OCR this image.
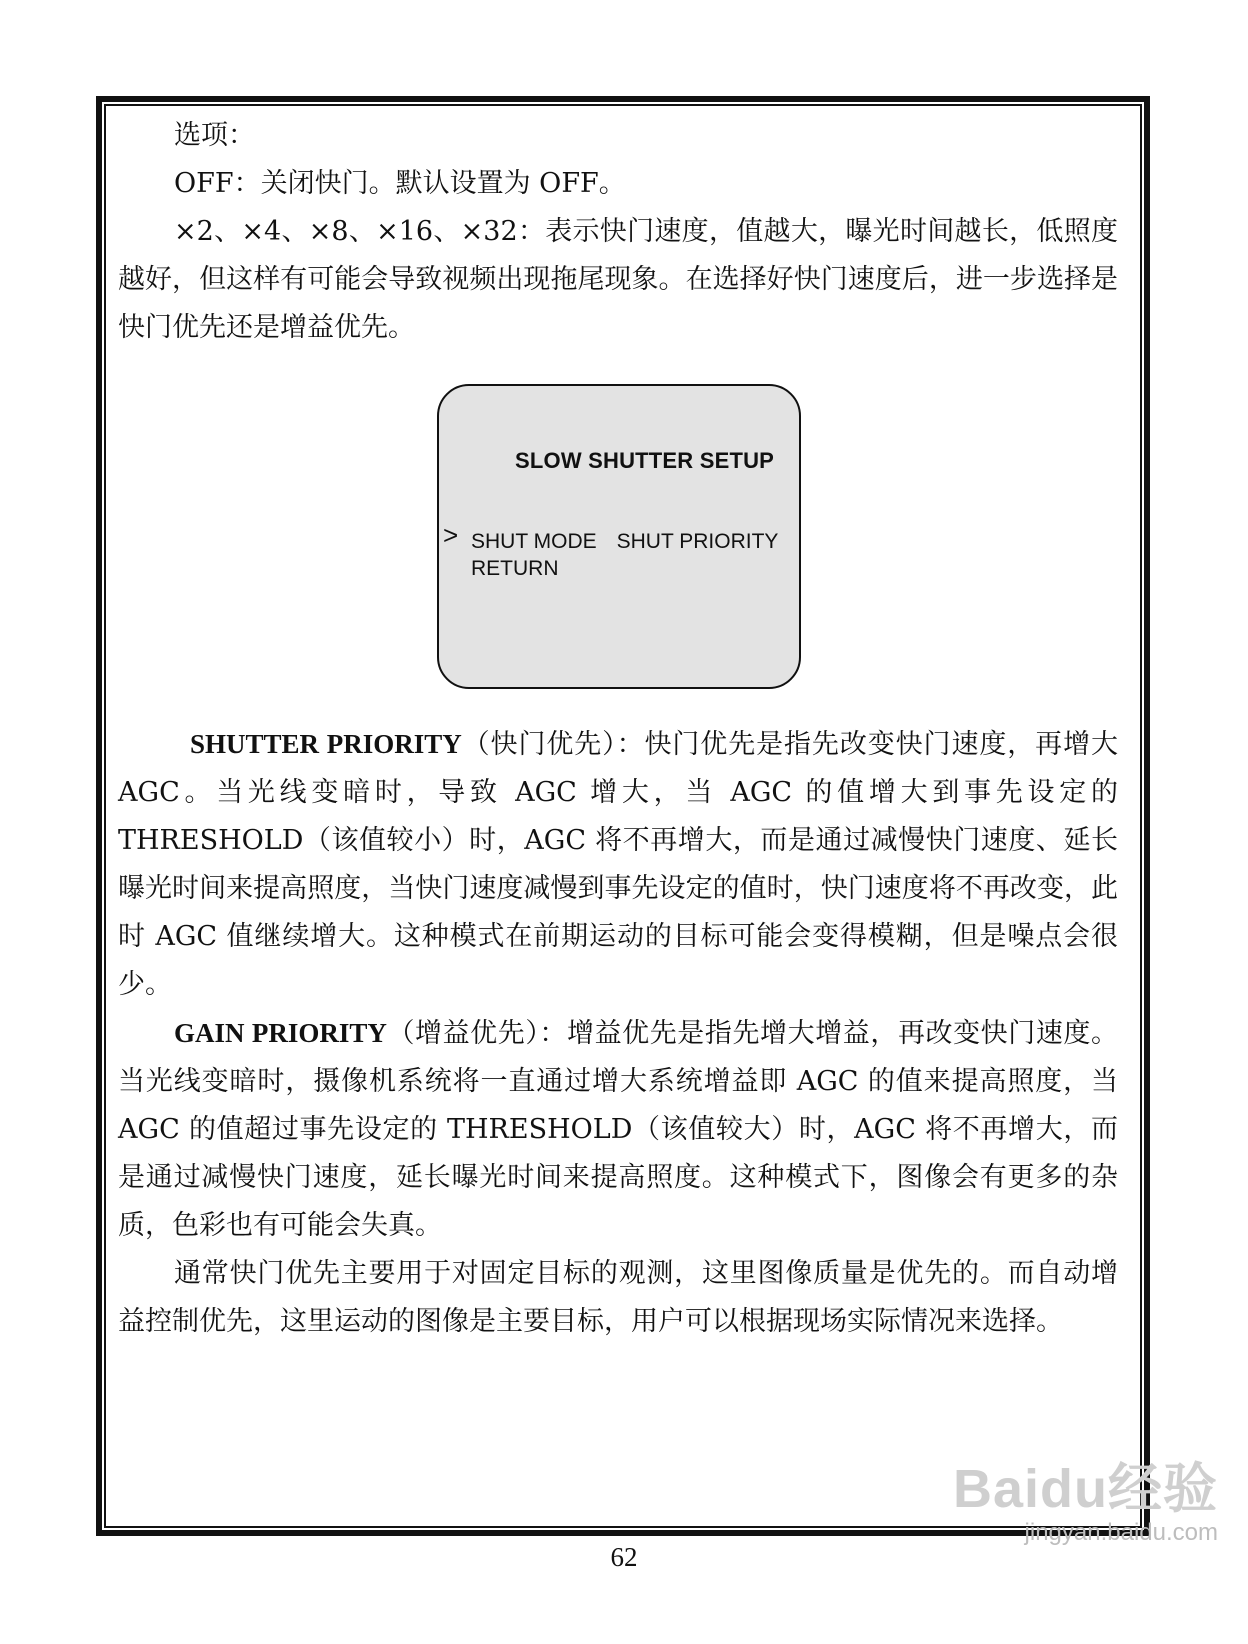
选项：

OFF：关闭快门。默认设置为 OFF。

×2、×4、×8、×16、×32：表示快门速度，值越大，曝光时间越长，低照度越好，但这样有可能会导致视频出现拖尾现象。在选择好快门速度后，进一步选择是快门优先还是增益优先。

SLOW SHUTTER SETUP
> SHUT MODE SHUT PRIORITY
RETURN

SHUTTER PRIORITY（快门优先）：快门优先是指先改变快门速度，再增大 AGC。当光线变暗时，导致 AGC 增大，当 AGC 的值增大到事先设定的 THRESHOLD（该值较小）时，AGC 将不再增大，而是通过减慢快门速度、延长曝光时间来提高照度，当快门速度减慢到事先设定的值时，快门速度将不再改变，此时 AGC 值继续增大。这种模式在前期运动的目标可能会变得模糊，但是噪点会很少。

GAIN PRIORITY（增益优先）：增益优先是指先增大增益，再改变快门速度。当光线变暗时，摄像机系统将一直通过增大系统增益即 AGC 的值来提高照度，当 AGC 的值超过事先设定的 THRESHOLD（该值较大）时，AGC 将不再增大，而是通过减慢快门速度，延长曝光时间来提高照度。这种模式下，图像会有更多的杂质，色彩也有可能会失真。

通常快门优先主要用于对固定目标的观测，这里图像质量是优先的。而自动增益控制优先，这里运动的图像是主要目标，用户可以根据现场实际情况来选择。

62
Baidu经验
jingyan.baidu.com
